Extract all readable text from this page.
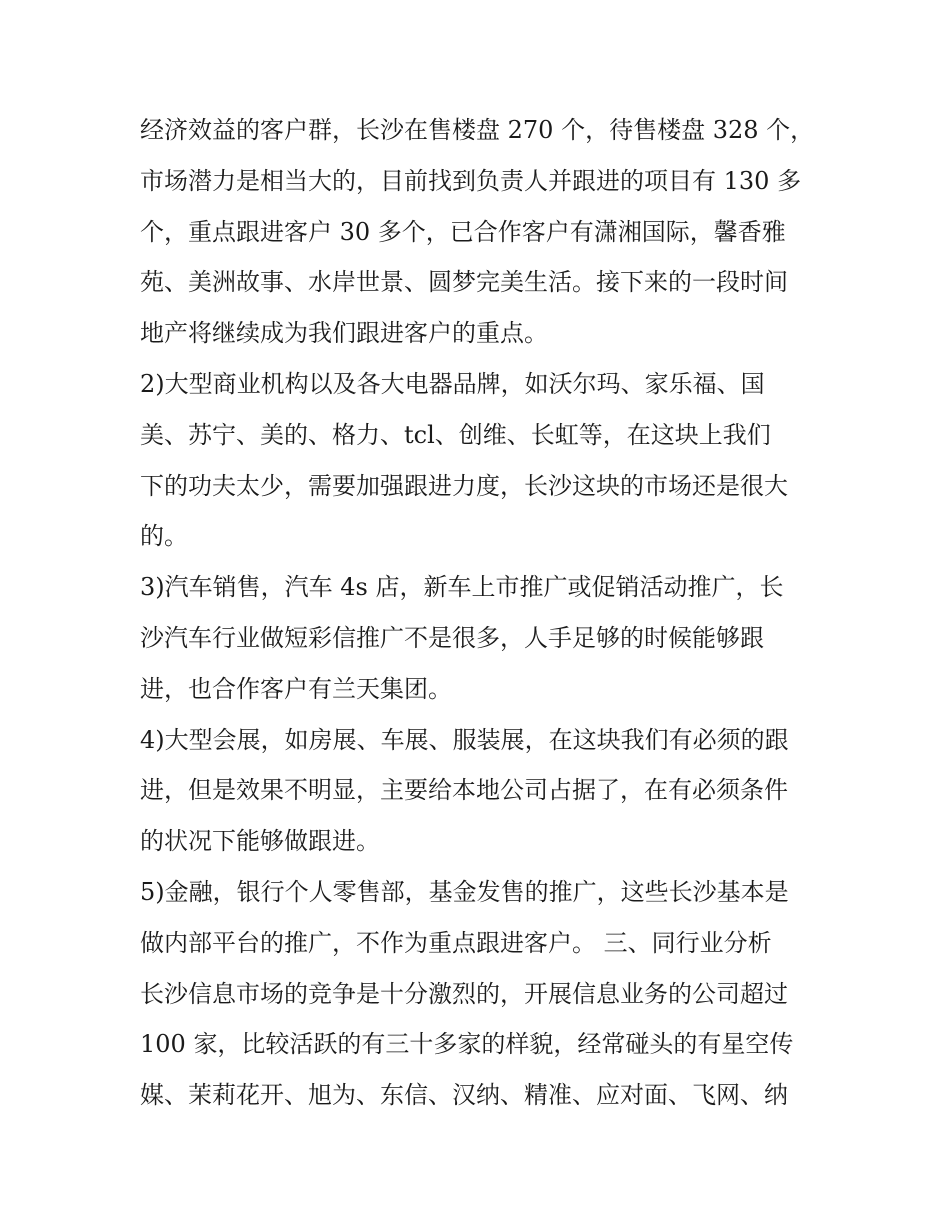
经济效益的客户群，长沙在售楼盘 270 个，待售楼盘 328 个，
市场潜力是相当大的，目前找到负责人并跟进的项目有 130 多
个，重点跟进客户 30 多个，已合作客户有潇湘国际，馨香雅
苑、美洲故事、水岸世景、圆梦完美生活。接下来的一段时间
地产将继续成为我们跟进客户的重点。
2)大型商业机构以及各大电器品牌，如沃尔玛、家乐福、国
美、苏宁、美的、格力、tcl、创维、长虹等，在这块上我们
下的功夫太少，需要加强跟进力度，长沙这块的市场还是很大
的。
3)汽车销售，汽车 4s 店，新车上市推广或促销活动推广，长
沙汽车行业做短彩信推广不是很多，人手足够的时候能够跟
进，也合作客户有兰天集团。
4)大型会展，如房展、车展、服装展，在这块我们有必须的跟
进，但是效果不明显，主要给本地公司占据了，在有必须条件
的状况下能够做跟进。
5)金融，银行个人零售部，基金发售的推广，这些长沙基本是
做内部平台的推广，不作为重点跟进客户。 三、同行业分析
长沙信息市场的竞争是十分激烈的，开展信息业务的公司超过
100 家，比较活跃的有三十多家的样貌，经常碰头的有星空传
媒、茉莉花开、旭为、东信、汉纳、精准、应对面、飞网、纳
